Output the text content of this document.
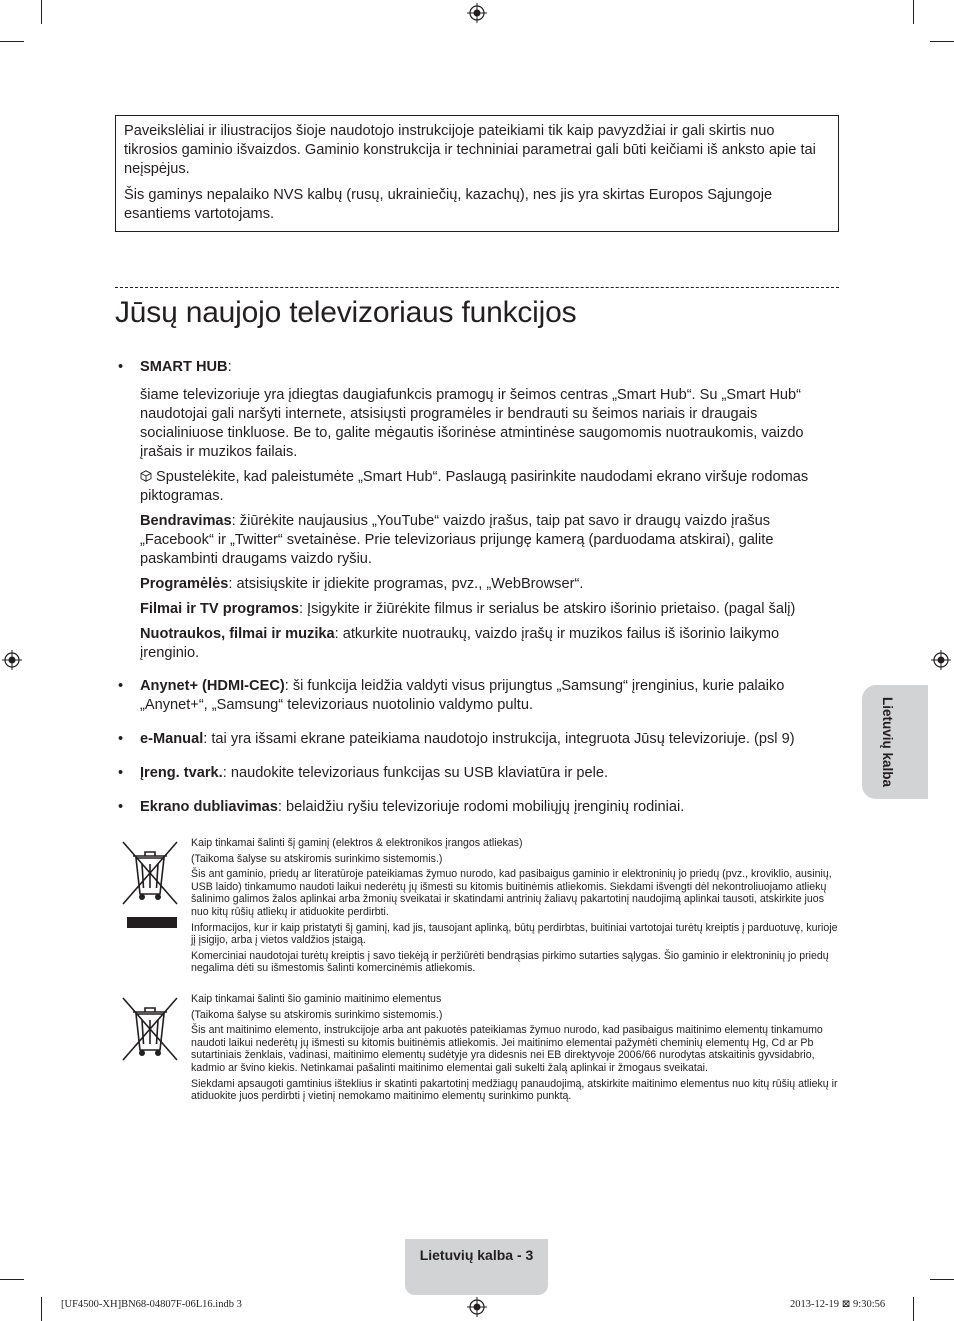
Paveikslėliai ir iliustracijos šioje naudotojo instrukcijoje pateikiami tik kaip pavyzdžiai ir gali skirtis nuo tikrosios gaminio išvaizdos. Gaminio konstrukcija ir techniniai parametrai gali būti keičiami iš anksto apie tai neįspėjus.

Šis gaminys nepalaiko NVS kalbų (rusų, ukrainiečių, kazachų), nes jis yra skirtas Europos Sąjungoje esantiems vartotojams.

Jūsų naujojo televizoriaus funkcijos
• SMART HUB:

šiame televizoriuje yra įdiegtas daugiafunkcis pramogų ir šeimos centras „Smart Hub“. Su „Smart Hub“ naudotojai gali naršyti internete, atsisiųsti programėles ir bendrauti su šeimos nariais ir draugais socialiniuose tinkluose. Be to, galite mėgautis išorinėse atmintinėse saugomomis nuotraukomis, vaizdo įrašais ir muzikos failais.

Spustelėkite, kad paleistumėte „Smart Hub“. Paslaugą pasirinkite naudodami ekrano viršuje rodomas piktogramas.

Bendravimas: žiūrėkite naujausius „YouTube“ vaizdo įrašus, taip pat savo ir draugų vaizdo įrašus „Facebook“ ir „Twitter“ svetainėse. Prie televizoriaus prijungę kamerą (parduodama atskirai), galite paskambinti draugams vaizdo ryšiu.

Programėlės: atsisiųskite ir įdiekite programas, pvz., „WebBrowser“.

Filmai ir TV programos: Įsigykite ir žiūrėkite filmus ir serialus be atskiro išorinio prietaiso. (pagal šalį)

Nuotraukos, filmai ir muzika: atkurkite nuotraukų, vaizdo įrašų ir muzikos failus iš išorinio laikymo įrenginio.

• Anynet+ (HDMI-CEC): ši funkcija leidžia valdyti visus prijungtus „Samsung“ įrenginius, kurie palaiko „Anynet+“, „Samsung“ televizoriaus nuotolinio valdymo pultu.

• e-Manual: tai yra išsami ekrane pateikiama naudotojo instrukcija, integruota Jūsų televizoriuje. (psl 9)

• Įreng. tvark.: naudokite televizoriaus funkcijas su USB klaviatūra ir pele.

• Ekrano dubliavimas: belaidžiu ryšiu televizoriuje rodomi mobiliųjų įrenginių rodiniai.

Lietuvių kalba

Kaip tinkamai šalinti šį gaminį (elektros & elektronikos įrangos atliekas)

(Taikoma šalyse su atskiromis surinkimo sistemomis.)

Šis ant gaminio, priedų ar literatūroje pateikiamas žymuo nurodo, kad pasibaigus gaminio ir elektroninių jo priedų (pvz., kroviklio, ausinių, USB laido) tinkamumo naudoti laikui nederėtų jų išmesti su kitomis buitinėmis atliekomis. Siekdami išvengti dėl nekontroliuojamo atliekų šalinimo galimos žalos aplinkai arba žmonių sveikatai ir skatindami antrinių žaliavų pakartotinį naudojimą aplinkai tausoti, atskirkite juos nuo kitų rūšių atliekų ir atiduokite perdirbti.

Informacijos, kur ir kaip pristatyti šį gaminį, kad jis, tausojant aplinką, būtų perdirbtas, buitiniai vartotojai turėtų kreiptis į parduotuvę, kurioje jį įsigijo, arba į vietos valdžios įstaigą.

Komerciniai naudotojai turėtų kreiptis į savo tiekėją ir peržiūrėti bendrąsias pirkimo sutarties sąlygas. Šio gaminio ir elektroninių jo priedų negalima dėti su išmestomis šalinti komercinėmis atliekomis.

Kaip tinkamai šalinti šio gaminio maitinimo elementus

(Taikoma šalyse su atskiromis surinkimo sistemomis.)

Šis ant maitinimo elemento, instrukcijoje arba ant pakuotės pateikiamas žymuo nurodo, kad pasibaigus maitinimo elementų tinkamumo naudoti laikui nederėtų jų išmesti su kitomis buitinėmis atliekomis. Jei maitinimo elementai pažymėti cheminių elementų Hg, Cd ar Pb sutartiniais ženklais, vadinasi, maitinimo elementų sudėtyje yra didesnis nei EB direktyvoje 2006/66 nurodytas atskaitinis gyvsidabrio, kadmio ar švino kiekis. Netinkamai pašalinti maitinimo elementai gali sukelti žalą aplinkai ir žmogaus sveikatai.

Siekdami apsaugoti gamtinius išteklius ir skatinti pakartotinį medžiagų panaudojimą, atskirkite maitinimo elementus nuo kitų rūšių atliekų ir atiduokite juos perdirbti į vietinį nemokamo maitinimo elementų surinkimo punktą.

Lietuvių kalba - 3
[UF4500-XH]BN68-04807F-06L16.indb 3	2013-12-19 ⊠ 9:30:56
